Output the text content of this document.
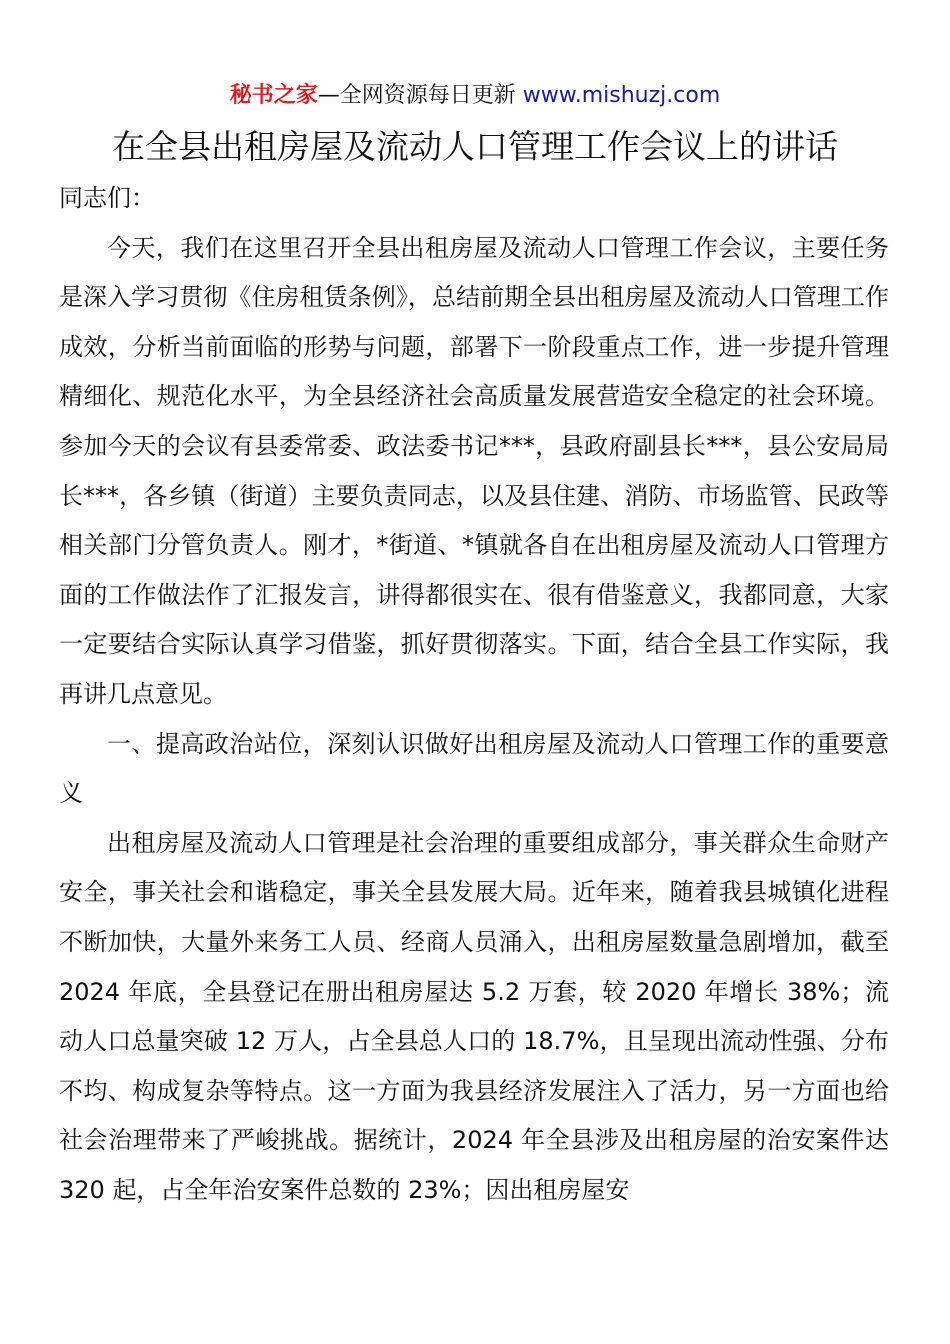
秘书之家—全网资源每日更新 www.mishuzj.com
在全县出租房屋及流动人口管理工作会议上的讲话

同志们：

今天，我们在这里召开全县出租房屋及流动人口管理工作会议，主要任务是深入学习贯彻《住房租赁条例》，总结前期全县出租房屋及流动人口管理工作成效，分析当前面临的形势与问题，部署下一阶段重点工作，进一步提升管理精细化、规范化水平，为全县经济社会高质量发展营造安全稳定的社会环境。参加今天的会议有县委常委、政法委书记***，县政府副县长***，县公安局局长***，各乡镇（街道）主要负责同志，以及县住建、消防、市场监管、民政等相关部门分管负责人。刚才，*街道、*镇就各自在出租房屋及流动人口管理方面的工作做法作了汇报发言，讲得都很实在、很有借鉴意义，我都同意，大家一定要结合实际认真学习借鉴，抓好贯彻落实。下面，结合全县工作实际，我再讲几点意见。

一、提高政治站位，深刻认识做好出租房屋及流动人口管理工作的重要意义

出租房屋及流动人口管理是社会治理的重要组成部分，事关群众生命财产安全，事关社会和谐稳定，事关全县发展大局。近年来，随着我县城镇化进程不断加快，大量外来务工人员、经商人员涌入，出租房屋数量急剧增加，截至 2024 年底，全县登记在册出租房屋达 5.2 万套，较 2020 年增长 38%；流动人口总量突破 12 万人，占全县总人口的 18.7%，且呈现出流动性强、分布不均、构成复杂等特点。这一方面为我县经济发展注入了活力，另一方面也给社会治理带来了严峻挑战。据统计，2024 年全县涉及出租房屋的治安案件达 320 起，占全年治安案件总数的 23%；因出租房屋安
